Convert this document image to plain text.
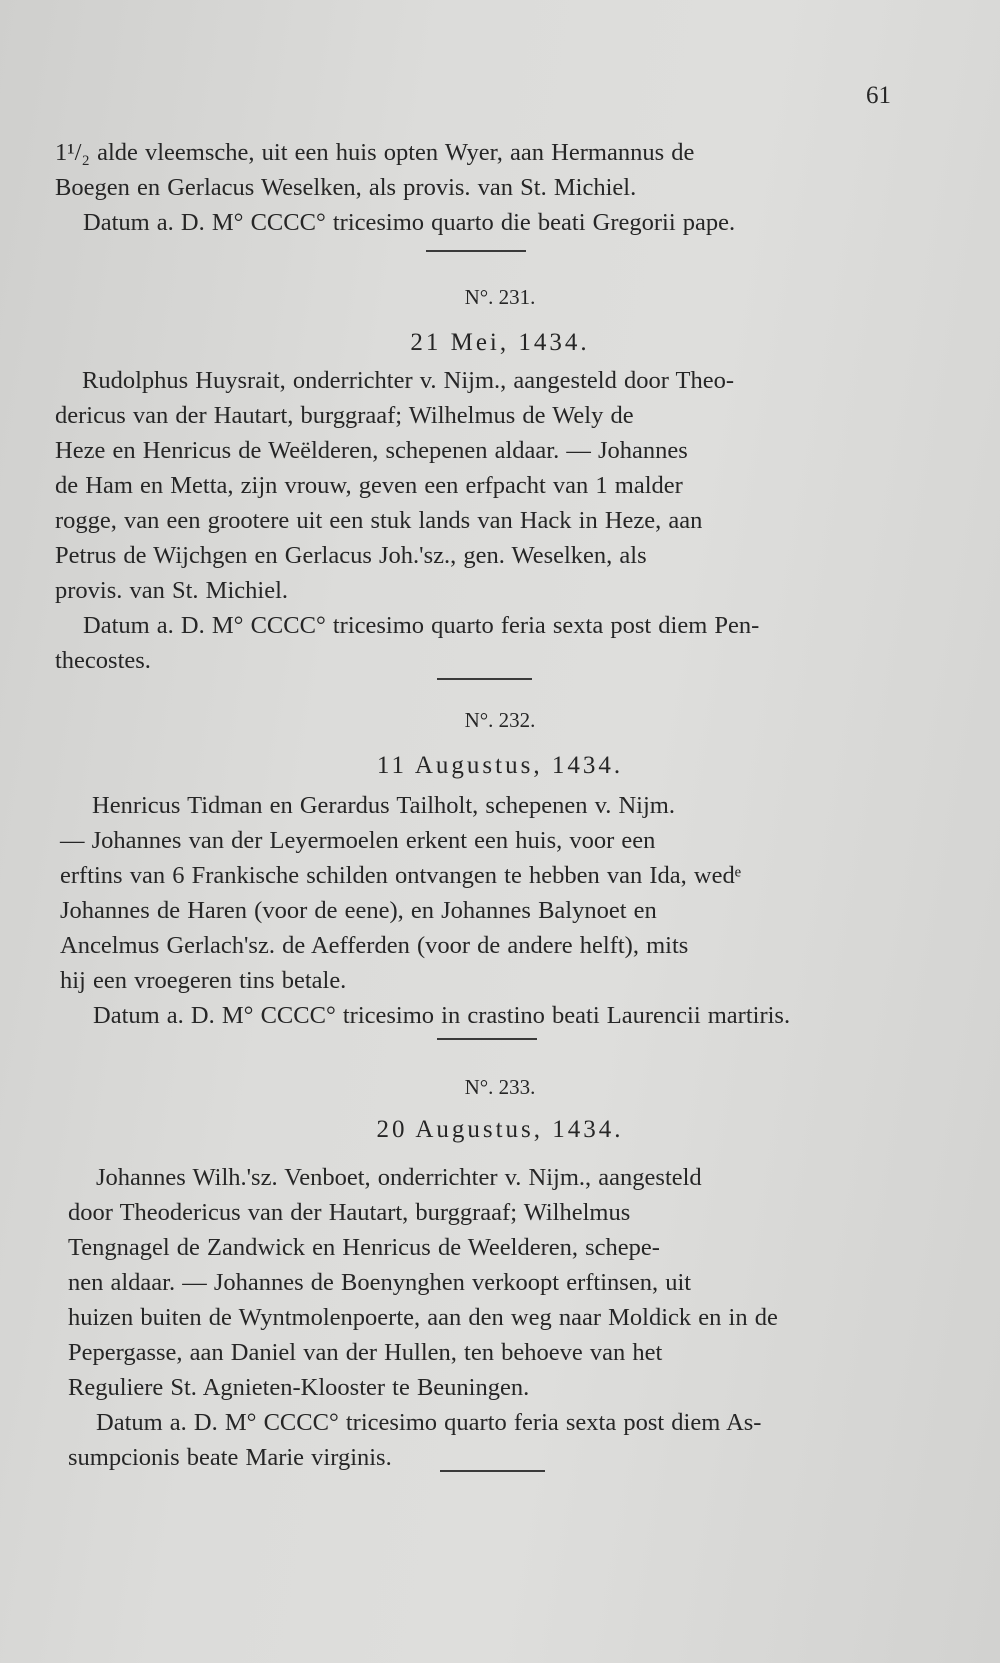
61
1¹/₂ alde vleemsche, uit een huis opten Wyer, aan Hermannus de
Boegen en Gerlacus Weselken, als provis. van St. Michiel.
Datum a. D. M° CCCC° tricesimo quarto die beati Gregorii pape.
N°. 231.
21 Mei, 1434.
Rudolphus Huysrait, onderrichter v. Nijm., aangesteld door Theo-
dericus van der Hautart, burggraaf; Wilhelmus de Wely de
Heze en Henricus de Weëlderen, schepenen aldaar. — Johannes
de Ham en Metta, zijn vrouw, geven een erfpacht van 1 malder
rogge, van een grootere uit een stuk lands van Hack in Heze, aan
Petrus de Wijchgen en Gerlacus Joh.'sz., gen. Weselken, als
provis. van St. Michiel.
Datum a. D. M° CCCC° tricesimo quarto feria sexta post diem Pen-
thecostes.
N°. 232.
11 Augustus, 1434.
Henricus Tidman en Gerardus Tailholt, schepenen v. Nijm.
— Johannes van der Leyermoelen erkent een huis, voor een
erftins van 6 Frankische schilden ontvangen te hebben van Ida, wedᵉ
Johannes de Haren (voor de eene), en Johannes Balynoet en
Ancelmus Gerlach'sz. de Aefferden (voor de andere helft), mits
hij een vroegeren tins betale.
Datum a. D. M° CCCC° tricesimo in crastino beati Laurencii martiris.
N°. 233.
20 Augustus, 1434.
Johannes Wilh.'sz. Venboet, onderrichter v. Nijm., aangesteld
door Theodericus van der Hautart, burggraaf; Wilhelmus
Tengnagel de Zandwick en Henricus de Weelderen, schepe-
nen aldaar. — Johannes de Boenynghen verkoopt erftinsen, uit
huizen buiten de Wyntmolenpoerte, aan den weg naar Moldick en in de
Pepergasse, aan Daniel van der Hullen, ten behoeve van het
Reguliere St. Agnieten-Klooster te Beuningen.
Datum a. D. M° CCCC° tricesimo quarto feria sexta post diem As-
sumpcionis beate Marie virginis.
